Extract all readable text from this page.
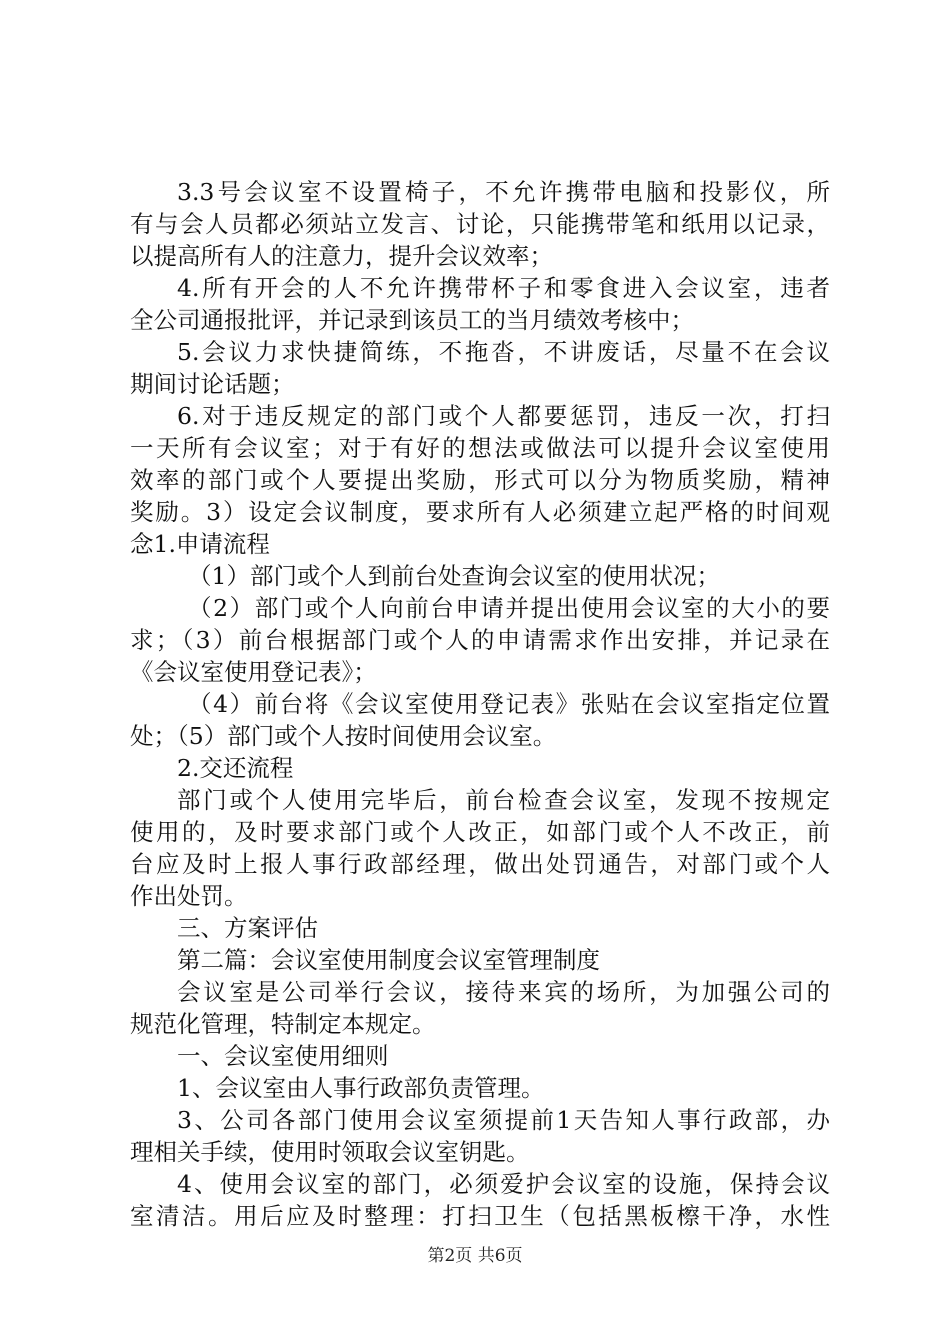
3.3号会议室不设置椅子，不允许携带电脑和投影仪，所
有与会人员都必须站立发言、讨论，只能携带笔和纸用以记录，
以提高所有人的注意力，提升会议效率；
4.所有开会的人不允许携带杯子和零食进入会议室，违者
全公司通报批评，并记录到该员工的当月绩效考核中；
5.会议力求快捷简练，不拖沓，不讲废话，尽量不在会议
期间讨论话题；
6.对于违反规定的部门或个人都要惩罚，违反一次，打扫
一天所有会议室；对于有好的想法或做法可以提升会议室使用
效率的部门或个人要提出奖励，形式可以分为物质奖励，精神
奖励。3）设定会议制度，要求所有人必须建立起严格的时间观
念1.申请流程
（1）部门或个人到前台处查询会议室的使用状况；
（2）部门或个人向前台申请并提出使用会议室的大小的要
求；（3）前台根据部门或个人的申请需求作出安排，并记录在
《会议室使用登记表》；
（4）前台将《会议室使用登记表》张贴在会议室指定位置
处；（5）部门或个人按时间使用会议室。
2.交还流程
部门或个人使用完毕后，前台检查会议室，发现不按规定
使用的，及时要求部门或个人改正，如部门或个人不改正，前
台应及时上报人事行政部经理，做出处罚通告，对部门或个人
作出处罚。
三、方案评估
第二篇：会议室使用制度会议室管理制度
会议室是公司举行会议，接待来宾的场所，为加强公司的
规范化管理，特制定本规定。
一、会议室使用细则
1、会议室由人事行政部负责管理。
3、公司各部门使用会议室须提前1天告知人事行政部，办
理相关手续，使用时领取会议室钥匙。
4、使用会议室的部门，必须爱护会议室的设施，保持会议
室清洁。用后应及时整理：打扫卫生（包括黑板檫干净，水性
第2页 共6页
